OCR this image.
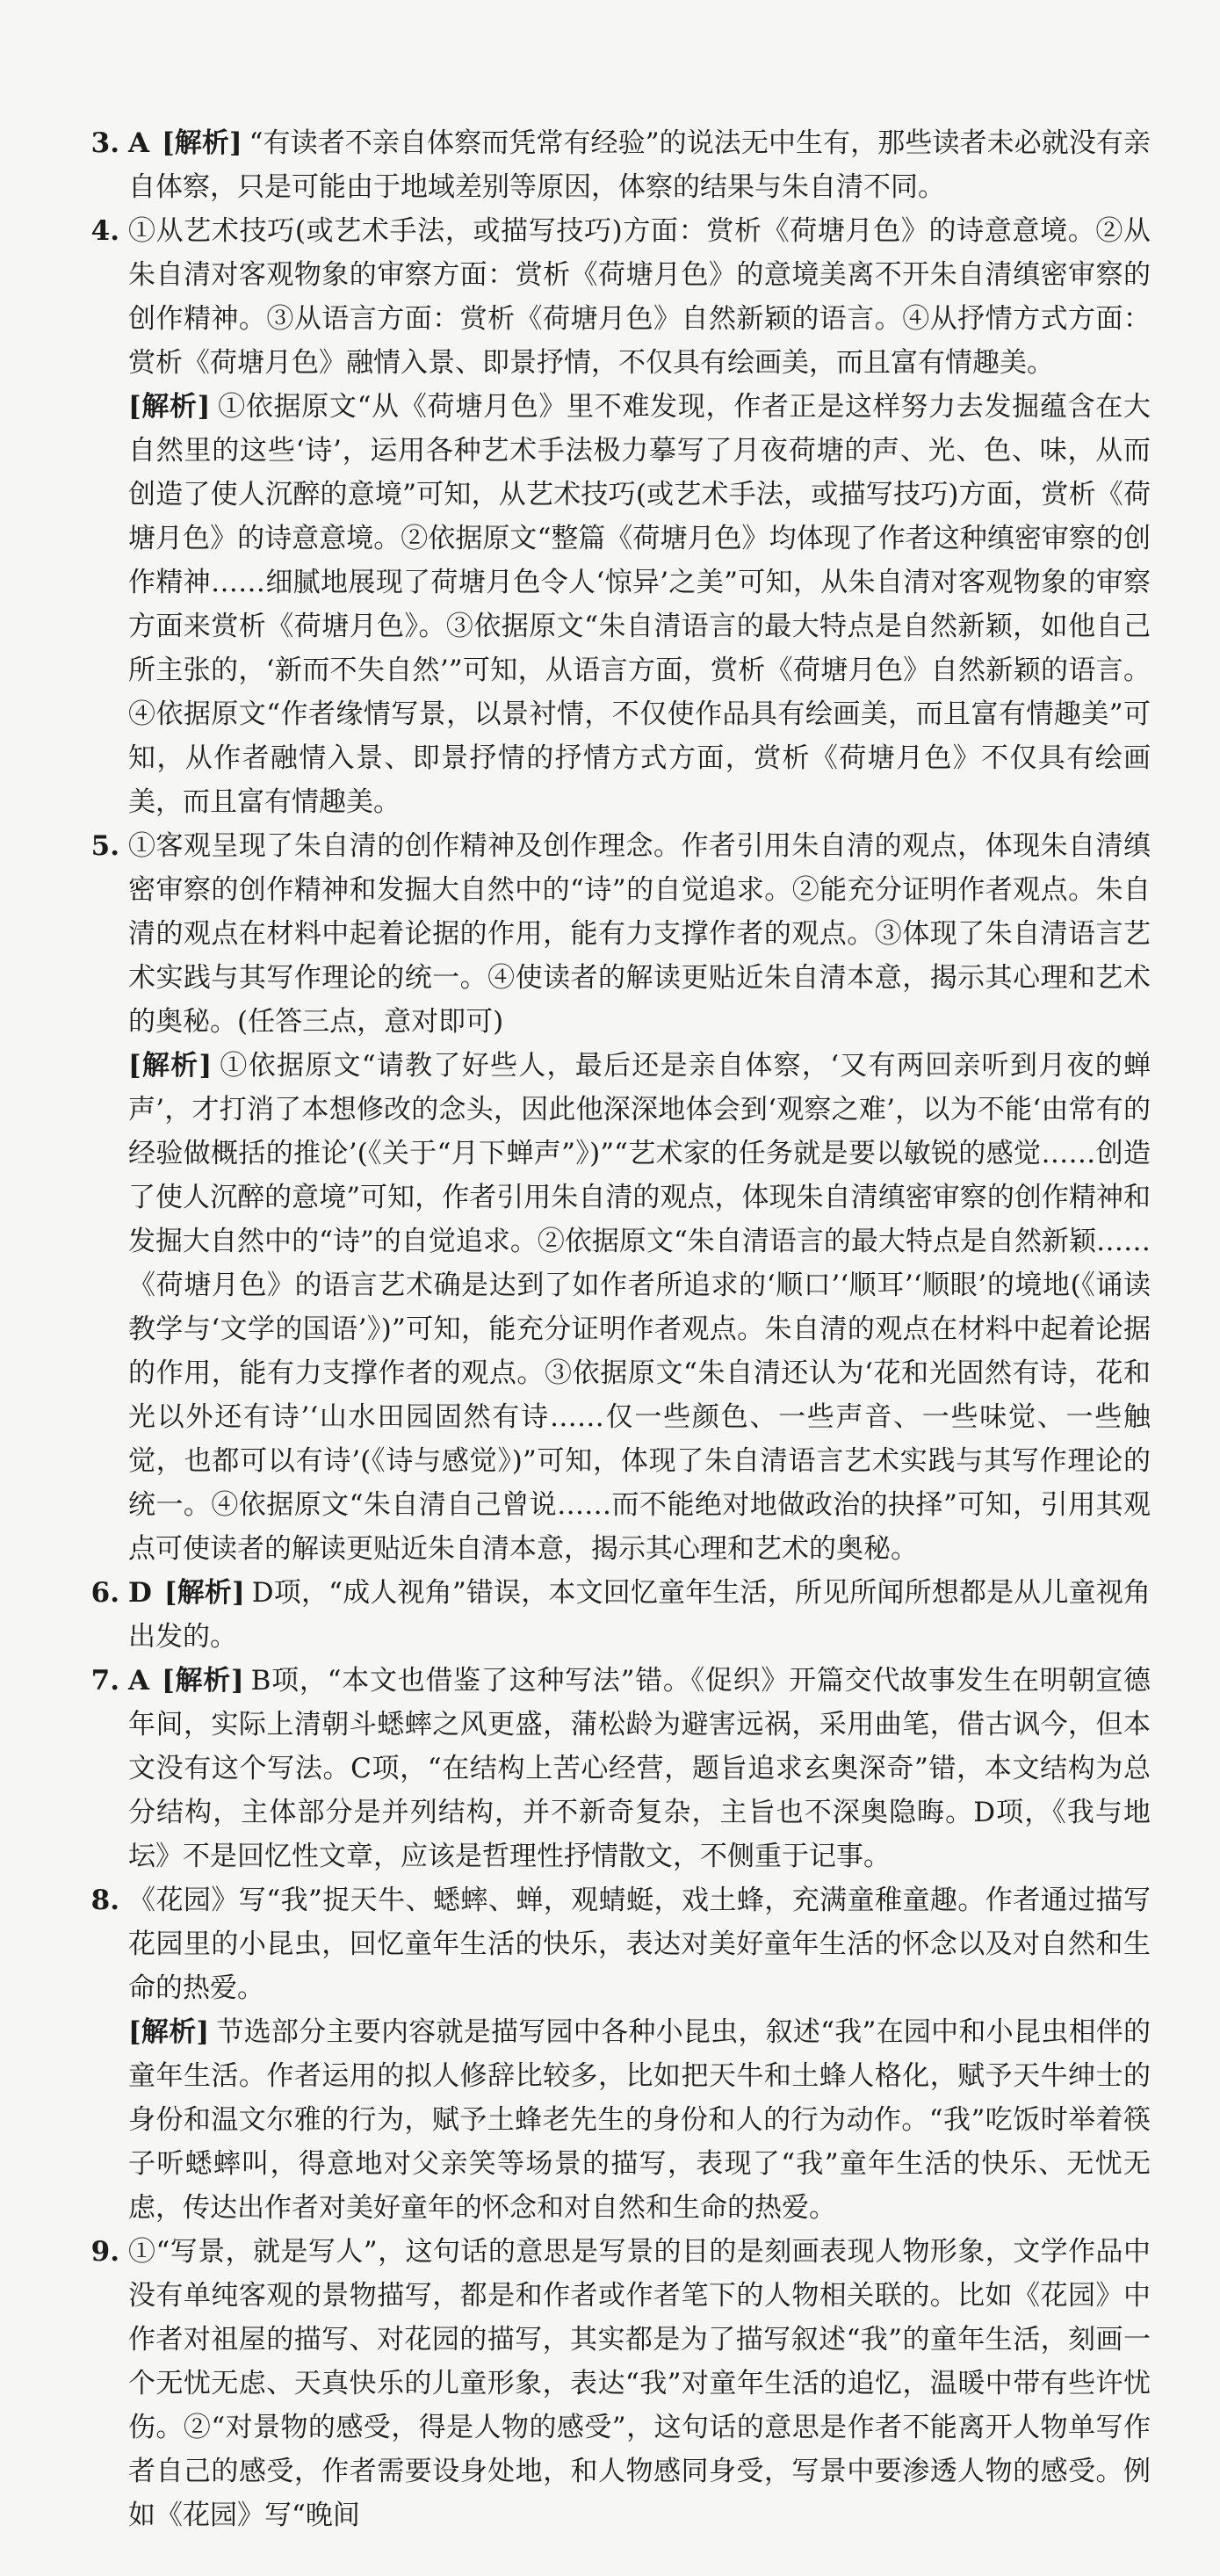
3. A [解析] “有读者不亲自体察而凭常有经验”的说法无中生有，那些读者未必就没有亲自体察，只是可能由于地域差别等原因，体察的结果与朱自清不同。

4. ①从艺术技巧(或艺术手法，或描写技巧)方面：赏析《荷塘月色》的诗意意境。②从朱自清对客观物象的审察方面：赏析《荷塘月色》的意境美离不开朱自清缜密审察的创作精神。③从语言方面：赏析《荷塘月色》自然新颖的语言。④从抒情方式方面：赏析《荷塘月色》融情入景、即景抒情，不仅具有绘画美，而且富有情趣美。

[解析] ①依据原文“从《荷塘月色》里不难发现，作者正是这样努力去发掘蕴含在大自然里的这些‘诗’，运用各种艺术手法极力摹写了月夜荷塘的声、光、色、味，从而创造了使人沉醉的意境”可知，从艺术技巧(或艺术手法，或描写技巧)方面，赏析《荷塘月色》的诗意意境。②依据原文“整篇《荷塘月色》均体现了作者这种缜密审察的创作精神……细腻地展现了荷塘月色令人‘惊异’之美”可知，从朱自清对客观物象的审察方面来赏析《荷塘月色》。③依据原文“朱自清语言的最大特点是自然新颖，如他自己所主张的，‘新而不失自然’”可知，从语言方面，赏析《荷塘月色》自然新颖的语言。④依据原文“作者缘情写景，以景衬情，不仅使作品具有绘画美，而且富有情趣美”可知，从作者融情入景、即景抒情的抒情方式方面，赏析《荷塘月色》不仅具有绘画美，而且富有情趣美。

5. ①客观呈现了朱自清的创作精神及创作理念。作者引用朱自清的观点，体现朱自清缜密审察的创作精神和发掘大自然中的“诗”的自觉追求。②能充分证明作者观点。朱自清的观点在材料中起着论据的作用，能有力支撑作者的观点。③体现了朱自清语言艺术实践与其写作理论的统一。④使读者的解读更贴近朱自清本意，揭示其心理和艺术的奥秘。(任答三点，意对即可)

[解析] ①依据原文“请教了好些人，最后还是亲自体察，‘又有两回亲听到月夜的蝉声’，才打消了本想修改的念头，因此他深深地体会到‘观察之难’，以为不能‘由常有的经验做概括的推论’(《关于“月下蝉声”》)”“艺术家的任务就是要以敏锐的感觉……创造了使人沉醉的意境”可知，作者引用朱自清的观点，体现朱自清缜密审察的创作精神和发掘大自然中的“诗”的自觉追求。②依据原文“朱自清语言的最大特点是自然新颖……《荷塘月色》的语言艺术确是达到了如作者所追求的‘顺口’‘顺耳’‘顺眼’的境地(《诵读教学与‘文学的国语’》)”可知，能充分证明作者观点。朱自清的观点在材料中起着论据的作用，能有力支撑作者的观点。③依据原文“朱自清还认为‘花和光固然有诗，花和光以外还有诗’‘山水田园固然有诗……仅一些颜色、一些声音、一些味觉、一些触觉，也都可以有诗’(《诗与感觉》)”可知，体现了朱自清语言艺术实践与其写作理论的统一。④依据原文“朱自清自己曾说……而不能绝对地做政治的抉择”可知，引用其观点可使读者的解读更贴近朱自清本意，揭示其心理和艺术的奥秘。

6. D [解析] D项，“成人视角”错误，本文回忆童年生活，所见所闻所想都是从儿童视角出发的。

7. A [解析] B项，“本文也借鉴了这种写法”错。《促织》开篇交代故事发生在明朝宣德年间，实际上清朝斗蟋蟀之风更盛，蒲松龄为避害远祸，采用曲笔，借古讽今，但本文没有这个写法。C项，“在结构上苦心经营，题旨追求玄奥深奇”错，本文结构为总分结构，主体部分是并列结构，并不新奇复杂，主旨也不深奥隐晦。D项，《我与地坛》不是回忆性文章，应该是哲理性抒情散文，不侧重于记事。

8. 《花园》写“我”捉天牛、蟋蟀、蝉，观蜻蜓，戏土蜂，充满童稚童趣。作者通过描写花园里的小昆虫，回忆童年生活的快乐，表达对美好童年生活的怀念以及对自然和生命的热爱。

[解析] 节选部分主要内容就是描写园中各种小昆虫，叙述“我”在园中和小昆虫相伴的童年生活。作者运用的拟人修辞比较多，比如把天牛和土蜂人格化，赋予天牛绅士的身份和温文尔雅的行为，赋予土蜂老先生的身份和人的行为动作。“我”吃饭时举着筷子听蟋蟀叫，得意地对父亲笑等场景的描写，表现了“我”童年生活的快乐、无忧无虑，传达出作者对美好童年的怀念和对自然和生命的热爱。

9. ①“写景，就是写人”，这句话的意思是写景的目的是刻画表现人物形象，文学作品中没有单纯客观的景物描写，都是和作者或作者笔下的人物相关联的。比如《花园》中作者对祖屋的描写、对花园的描写，其实都是为了描写叙述“我”的童年生活，刻画一个无忧无虑、天真快乐的儿童形象，表达“我”对童年生活的追忆，温暖中带有些许忧伤。②“对景物的感受，得是人物的感受”，这句话的意思是作者不能离开人物单写作者自己的感受，作者需要设身处地，和人物感同身受，写景中要渗透人物的感受。例如《花园》写“晚间
